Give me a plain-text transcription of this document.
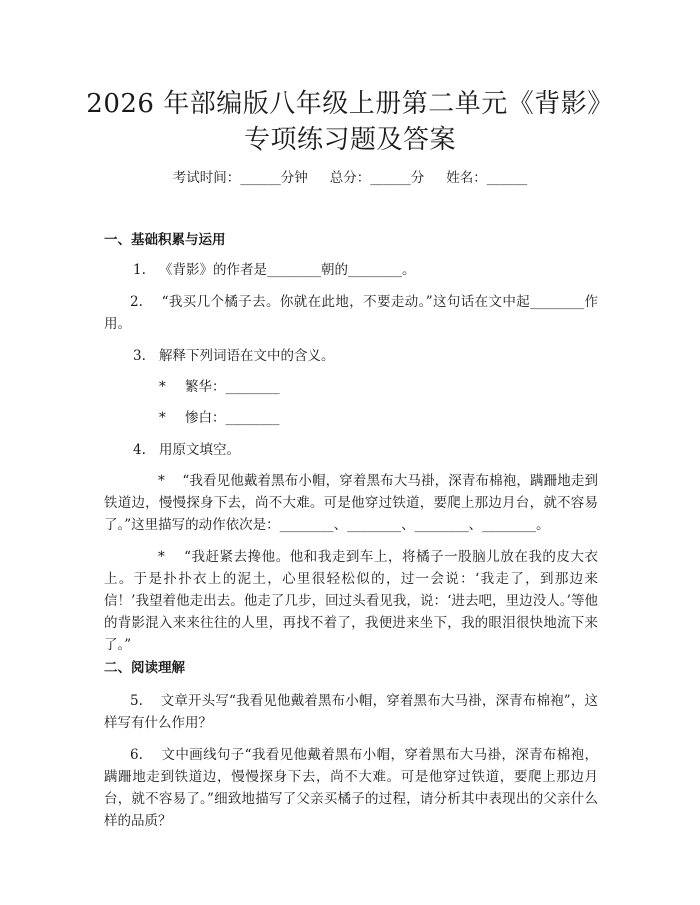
2026 年部编版八年级上册第二单元《背影》
专项练习题及答案
考试时间：______分钟 总分：______分 姓名：______
一、基础积累与运用
1. 《背影》的作者是________朝的________。
2. “我买几个橘子去。你就在此地，不要走动。”这句话在文中起________作用。
3. 解释下列词语在文中的含义。
* 繁华：________
* 惨白：________
4. 用原文填空。
* “我看见他戴着黑布小帽，穿着黑布大马褂，深青布棉袍，蹒跚地走到铁道边，慢慢探身下去，尚不大难。可是他穿过铁道，要爬上那边月台，就不容易了。”这里描写的动作依次是：________、________、________、________。
* “我赶紧去搀他。他和我走到车上，将橘子一股脑儿放在我的皮大衣上。于是扑扑衣上的泥土，心里很轻松似的，过一会说：‘我走了，到那边来信！’我望着他走出去。他走了几步，回过头看见我，说：‘进去吧，里边没人。’等他的背影混入来来往往的人里，再找不着了，我便进来坐下，我的眼泪很快地流下来了。”
二、阅读理解
5. 文章开头写“我看见他戴着黑布小帽，穿着黑布大马褂，深青布棉袍”，这样写有什么作用？
6. 文中画线句子“我看见他戴着黑布小帽，穿着黑布大马褂，深青布棉袍，蹒跚地走到铁道边，慢慢探身下去，尚不大难。可是他穿过铁道，要爬上那边月台，就不容易了。”细致地描写了父亲买橘子的过程，请分析其中表现出的父亲什么样的品质？
